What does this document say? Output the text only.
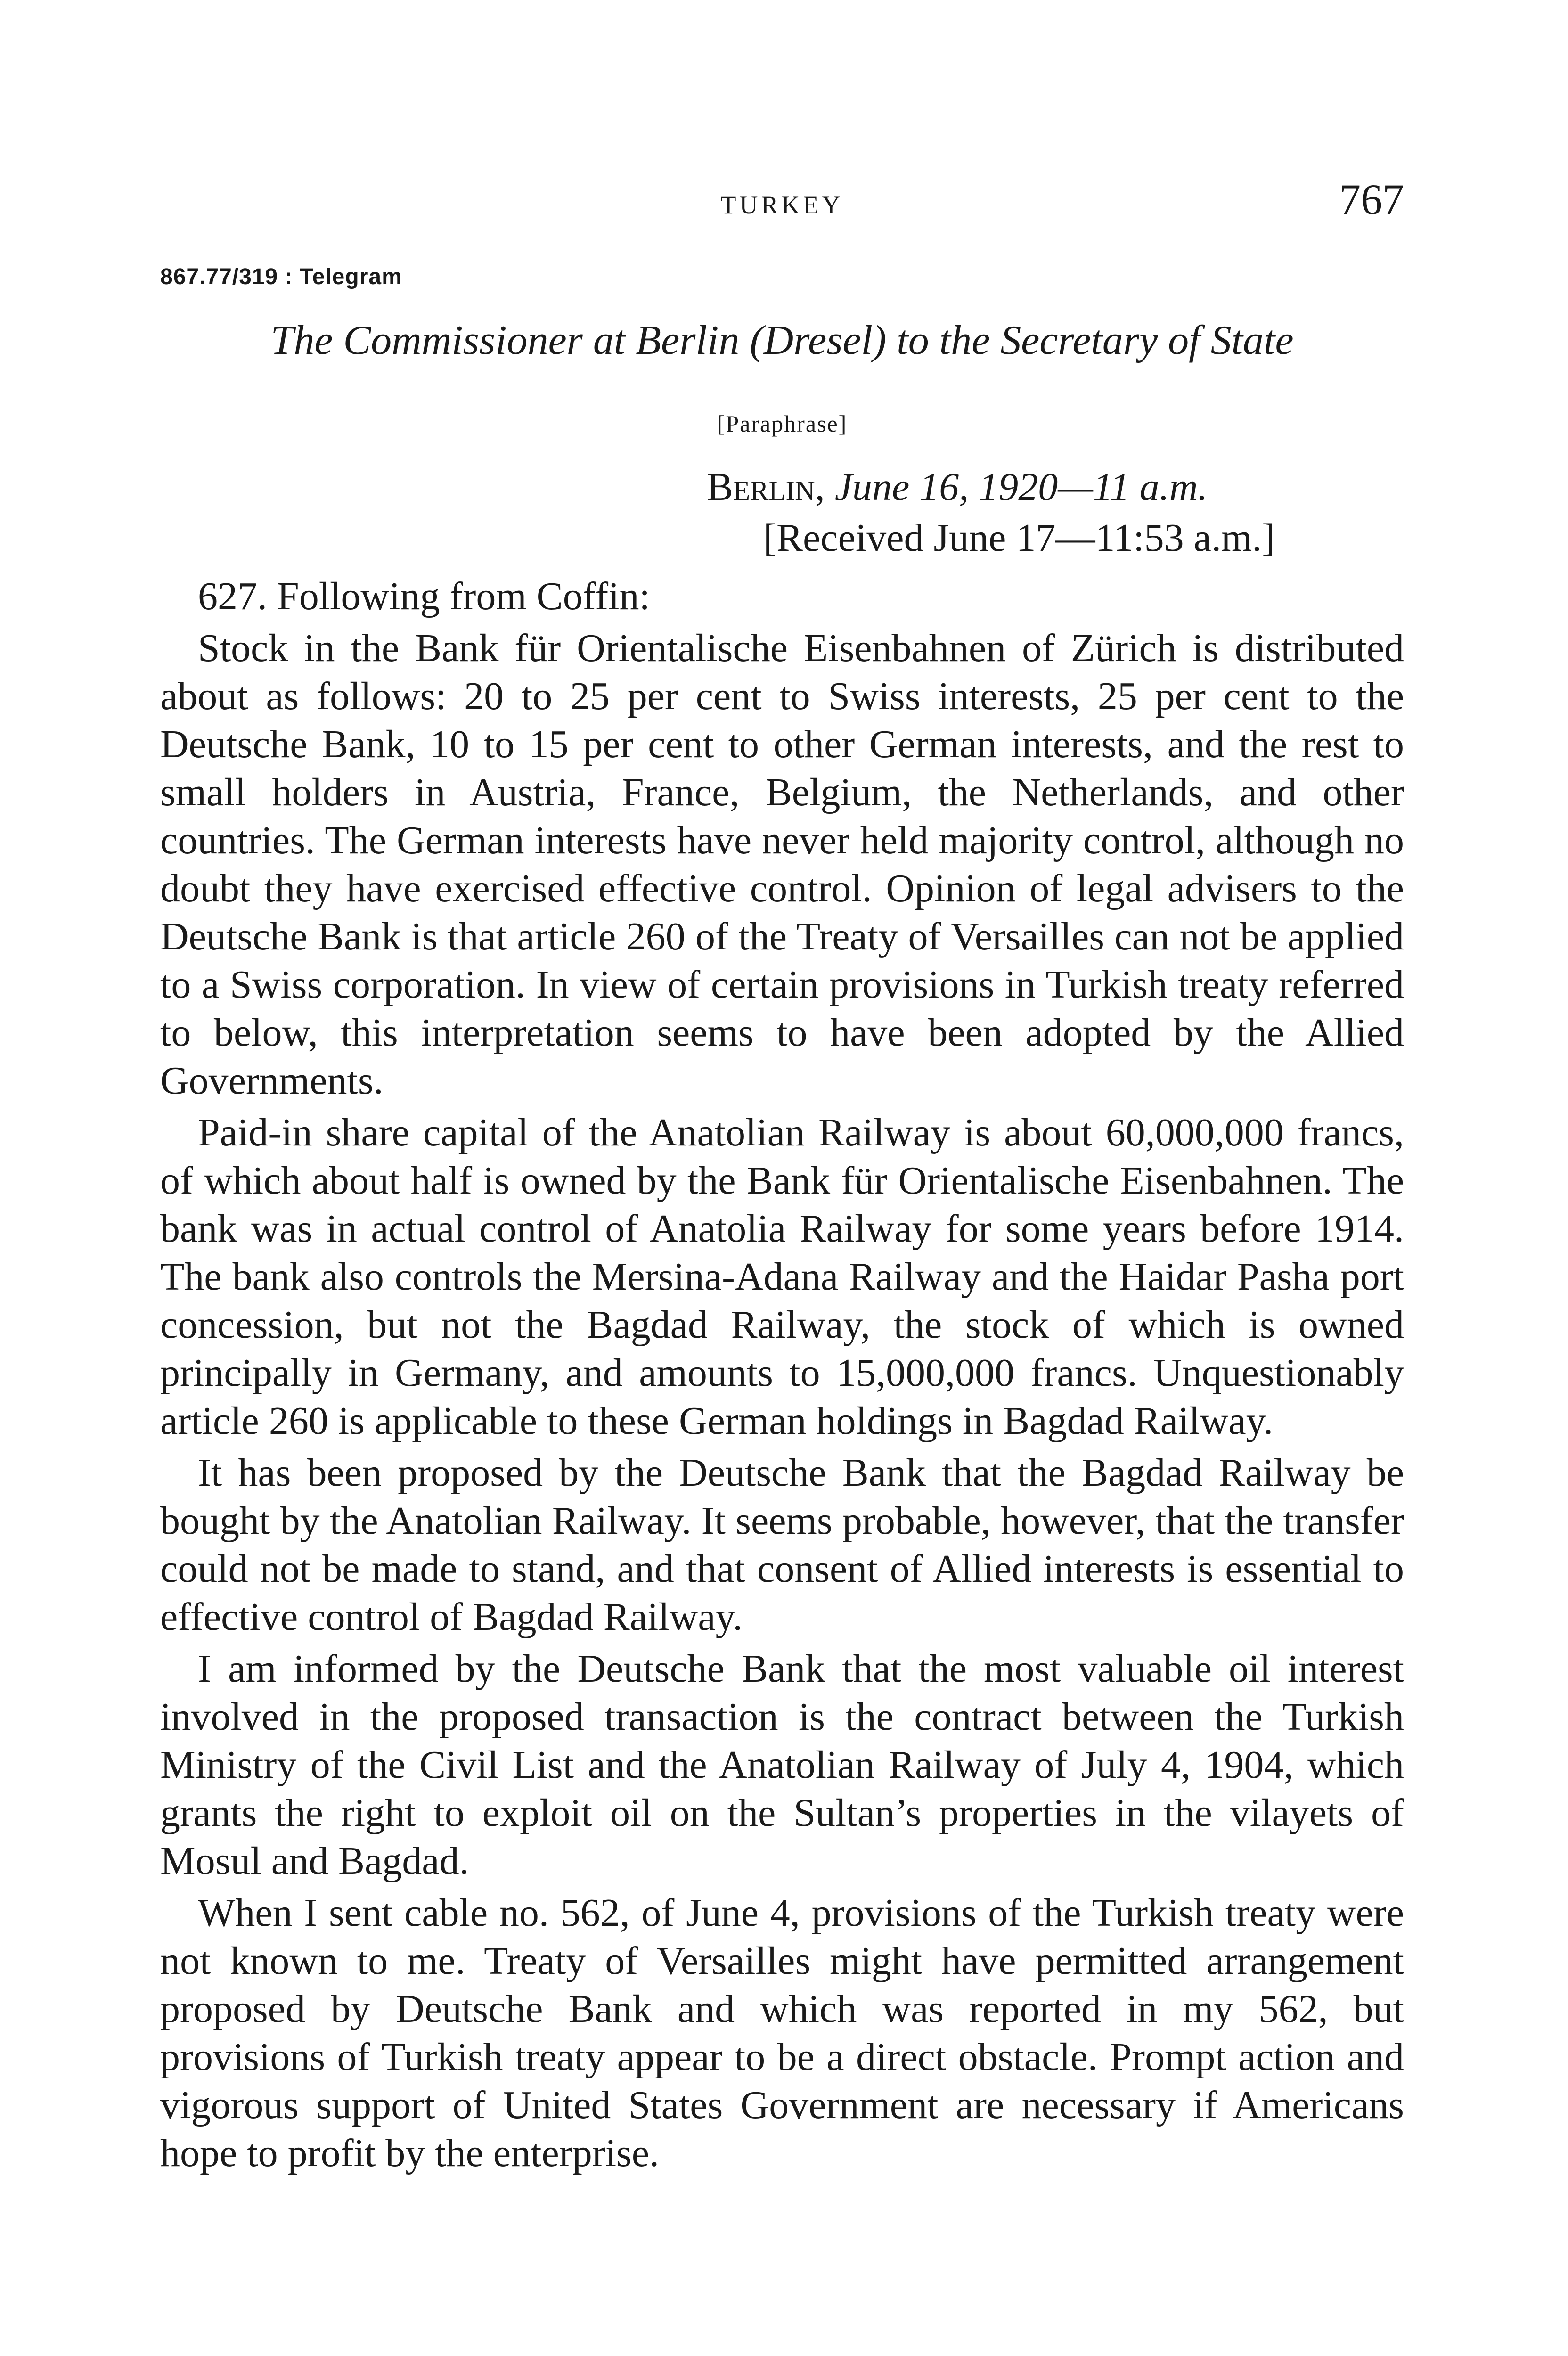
TURKEY	767
867.77/319 : Telegram
The Commissioner at Berlin (Dresel) to the Secretary of State
[Paraphrase]
Berlin, June 16, 1920—11 a.m.
[Received June 17—11:53 a.m.]

627. Following from Coffin:

Stock in the Bank für Orientalische Eisenbahnen of Zürich is distributed about as follows: 20 to 25 per cent to Swiss interests, 25 per cent to the Deutsche Bank, 10 to 15 per cent to other German interests, and the rest to small holders in Austria, France, Belgium, the Netherlands, and other countries. The German interests have never held majority control, although no doubt they have exercised effective control. Opinion of legal advisers to the Deutsche Bank is that article 260 of the Treaty of Versailles can not be applied to a Swiss corporation. In view of certain provisions in Turkish treaty referred to below, this interpretation seems to have been adopted by the Allied Governments.

Paid-in share capital of the Anatolian Railway is about 60,000,000 francs, of which about half is owned by the Bank für Orientalische Eisenbahnen. The bank was in actual control of Anatolia Railway for some years before 1914. The bank also controls the Mersina-Adana Railway and the Haidar Pasha port concession, but not the Bagdad Railway, the stock of which is owned principally in Germany, and amounts to 15,000,000 francs. Unquestionably article 260 is applicable to these German holdings in Bagdad Railway.

It has been proposed by the Deutsche Bank that the Bagdad Railway be bought by the Anatolian Railway. It seems probable, however, that the transfer could not be made to stand, and that consent of Allied interests is essential to effective control of Bagdad Railway.

I am informed by the Deutsche Bank that the most valuable oil interest involved in the proposed transaction is the contract between the Turkish Ministry of the Civil List and the Anatolian Railway of July 4, 1904, which grants the right to exploit oil on the Sultan’s properties in the vilayets of Mosul and Bagdad.

When I sent cable no. 562, of June 4, provisions of the Turkish treaty were not known to me. Treaty of Versailles might have permitted arrangement proposed by Deutsche Bank and which was reported in my 562, but provisions of Turkish treaty appear to be a direct obstacle. Prompt action and vigorous support of United States Government are necessary if Americans hope to profit by the enterprise.
